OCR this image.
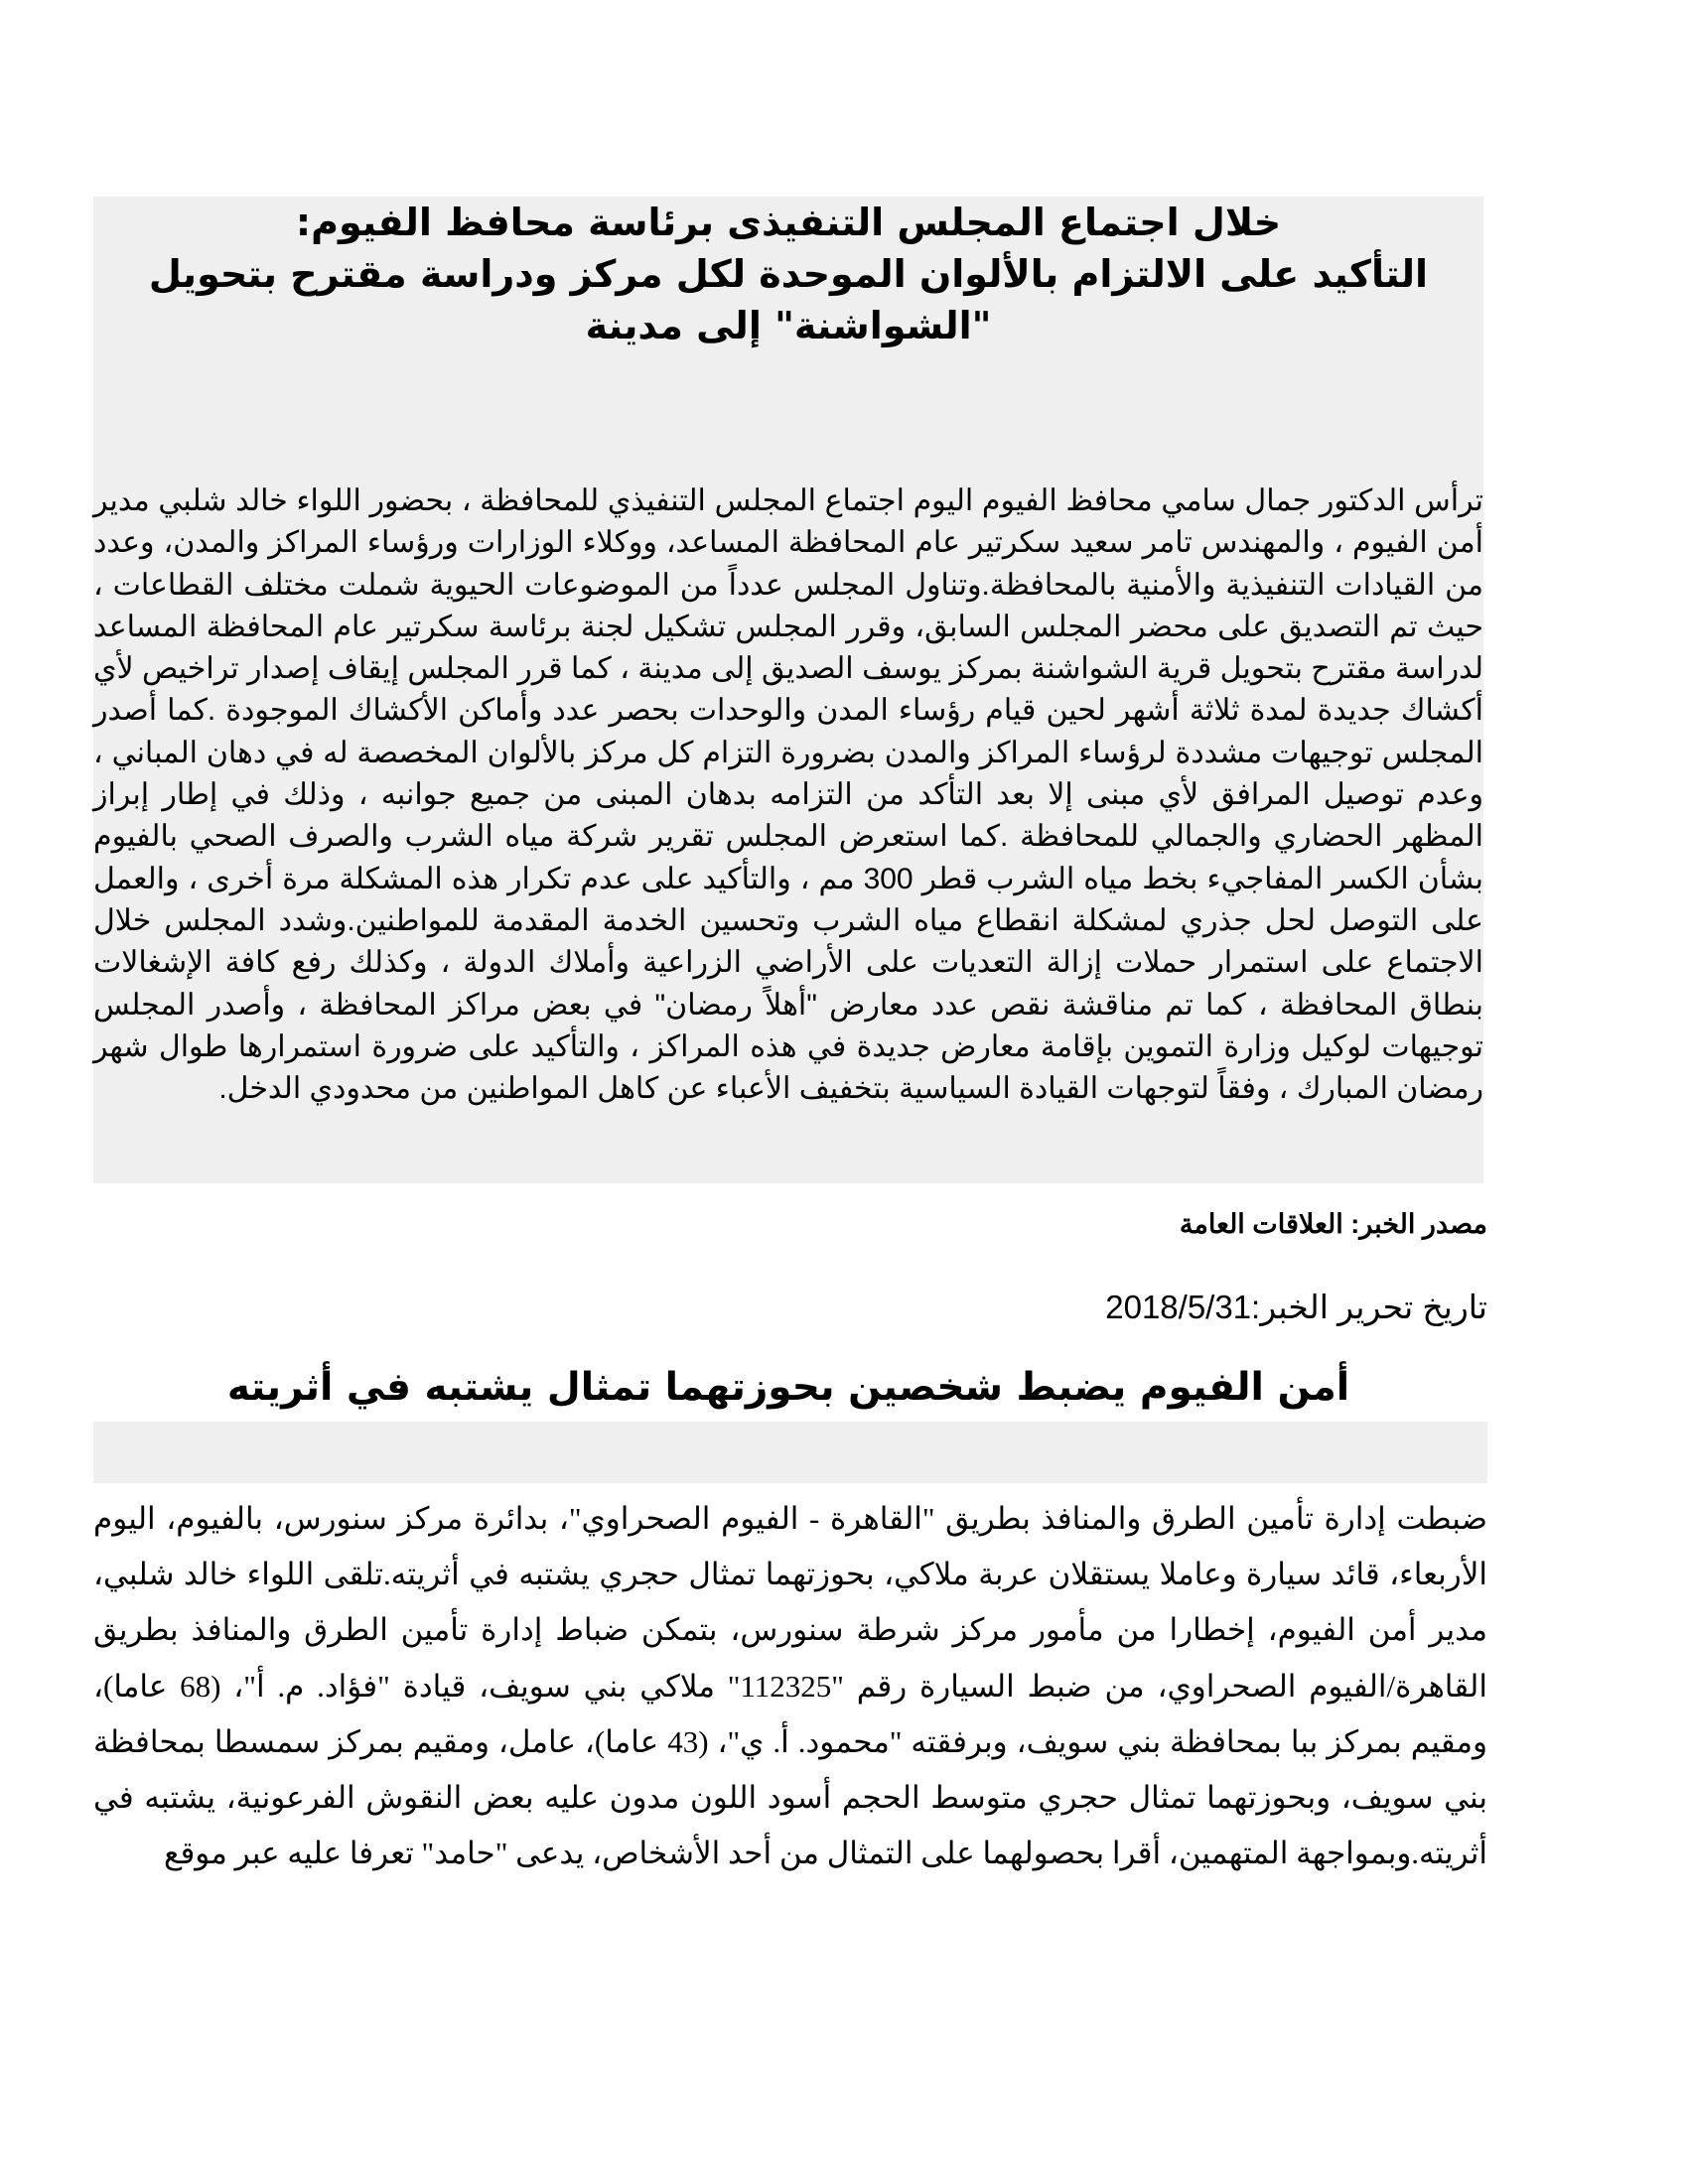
خلال اجتماع المجلس التنفيذى برئاسة محافظ الفيوم:
التأكيد على الالتزام بالألوان الموحدة لكل مركز ودراسة مقترح بتحويل "الشواشنة" إلى مدينة

ترأس الدكتور جمال سامي محافظ الفيوم اليوم اجتماع المجلس التنفيذي للمحافظة ، بحضور اللواء خالد شلبي مدير أمن الفيوم ، والمهندس تامر سعيد سكرتير عام المحافظة المساعد، ووكلاء الوزارات ورؤساء المراكز والمدن، وعدد من القيادات التنفيذية والأمنية بالمحافظة.وتناول المجلس عدداً من الموضوعات الحيوية شملت مختلف القطاعات ، حيث تم التصديق على محضر المجلس السابق، وقرر المجلس تشكيل لجنة برئاسة سكرتير عام المحافظة المساعد لدراسة مقترح بتحويل قرية الشواشنة بمركز يوسف الصديق إلى مدينة ، كما قرر المجلس إيقاف إصدار تراخيص لأي أكشاك جديدة لمدة ثلاثة أشهر لحين قيام رؤساء المدن والوحدات بحصر عدد وأماكن الأكشاك الموجودة .كما أصدر المجلس توجيهات مشددة لرؤساء المراكز والمدن بضرورة التزام كل مركز بالألوان المخصصة له في دهان المباني ، وعدم توصيل المرافق لأي مبنى إلا بعد التأكد من التزامه بدهان المبنى من جميع جوانبه ، وذلك في إطار إبراز المظهر الحضاري والجمالي للمحافظة .كما استعرض المجلس تقرير شركة مياه الشرب والصرف الصحي بالفيوم بشأن الكسر المفاجيء بخط مياه الشرب قطر 300 مم ، والتأكيد على عدم تكرار هذه المشكلة مرة أخرى ، والعمل على التوصل لحل جذري لمشكلة انقطاع مياه الشرب وتحسين الخدمة المقدمة للمواطنين.وشدد المجلس خلال الاجتماع على استمرار حملات إزالة التعديات على الأراضي الزراعية وأملاك الدولة ، وكذلك رفع كافة الإشغالات بنطاق المحافظة ، كما تم مناقشة نقص عدد معارض "أهلاً رمضان" في بعض مراكز المحافظة ، وأصدر المجلس توجيهات لوكيل وزارة التموين بإقامة معارض جديدة في هذه المراكز ، والتأكيد على ضرورة استمرارها طوال شهر رمضان المبارك ، وفقاً لتوجهات القيادة السياسية بتخفيف الأعباء عن كاهل المواطنين من محدودي الدخل.

مصدر الخبر: العلاقات العامة
تاريخ تحرير الخبر:2018/5/31
أمن الفيوم يضبط شخصين بحوزتهما تمثال يشتبه في أثريته

ضبطت إدارة تأمين الطرق والمنافذ بطريق "القاهرة - الفيوم الصحراوي"، بدائرة مركز سنورس، بالفيوم، اليوم الأربعاء، قائد سيارة وعاملا يستقلان عربة ملاكي، بحوزتهما تمثال حجري يشتبه في أثريته.تلقى اللواء خالد شلبي، مدير أمن الفيوم، إخطارا من مأمور مركز شرطة سنورس، بتمكن ضباط إدارة تأمين الطرق والمنافذ بطريق القاهرة/الفيوم الصحراوي، من ضبط السيارة رقم "112325" ملاكي بني سويف، قيادة "فؤاد. م. أ"، (68 عاما)، ومقيم بمركز ببا بمحافظة بني سويف، وبرفقته "محمود. أ. ي"، (43 عاما)، عامل، ومقيم بمركز سمسطا بمحافظة بني سويف، وبحوزتهما تمثال حجري متوسط الحجم أسود اللون مدون عليه بعض النقوش الفرعونية، يشتبه في أثريته.وبمواجهة المتهمين، أقرا بحصولهما على التمثال من أحد الأشخاص، يدعى "حامد" تعرفا عليه عبر موقع
